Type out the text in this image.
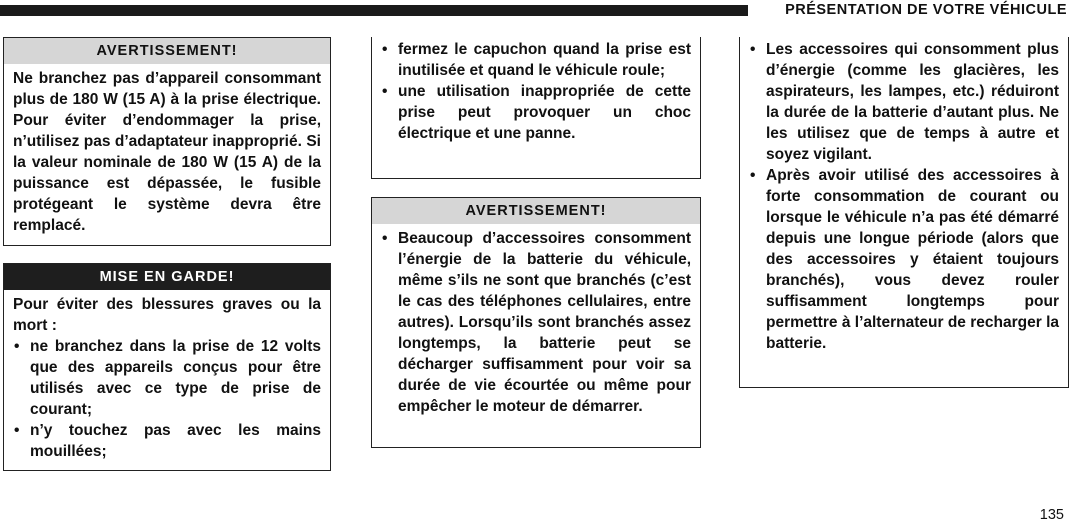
PRÉSENTATION DE VOTRE VÉHICULE
AVERTISSEMENT!
Ne branchez pas d’appareil consommant plus de 180 W (15 A) à la prise électrique. Pour éviter d’endommager la prise, n’utilisez pas d’adaptateur inapproprié. Si la valeur nominale de 180 W (15 A) de la puissance est dépassée, le fusible protégeant le système devra être remplacé.
MISE EN GARDE!
Pour éviter des blessures graves ou la mort :
• ne branchez dans la prise de 12 volts que des appareils conçus pour être utilisés avec ce type de prise de courant;
• n’y touchez pas avec les mains mouillées;
• fermez le capuchon quand la prise est inutilisée et quand le véhicule roule;
• une utilisation inappropriée de cette prise peut provoquer un choc électrique et une panne.
AVERTISSEMENT!
• Beaucoup d’accessoires consomment l’énergie de la batterie du véhicule, même s’ils ne sont que branchés (c’est le cas des téléphones cellulaires, entre autres). Lorsqu’ils sont branchés assez longtemps, la batterie peut se décharger suffisamment pour voir sa durée de vie écourtée ou même pour empêcher le moteur de démarrer.
• Les accessoires qui consomment plus d’énergie (comme les glacières, les aspirateurs, les lampes, etc.) réduiront la durée de la batterie d’autant plus. Ne les utilisez que de temps à autre et soyez vigilant.
• Après avoir utilisé des accessoires à forte consommation de courant ou lorsque le véhicule n’a pas été démarré depuis une longue période (alors que des accessoires y étaient toujours branchés), vous devez rouler suffisamment longtemps pour permettre à l’alternateur de recharger la batterie.
135
